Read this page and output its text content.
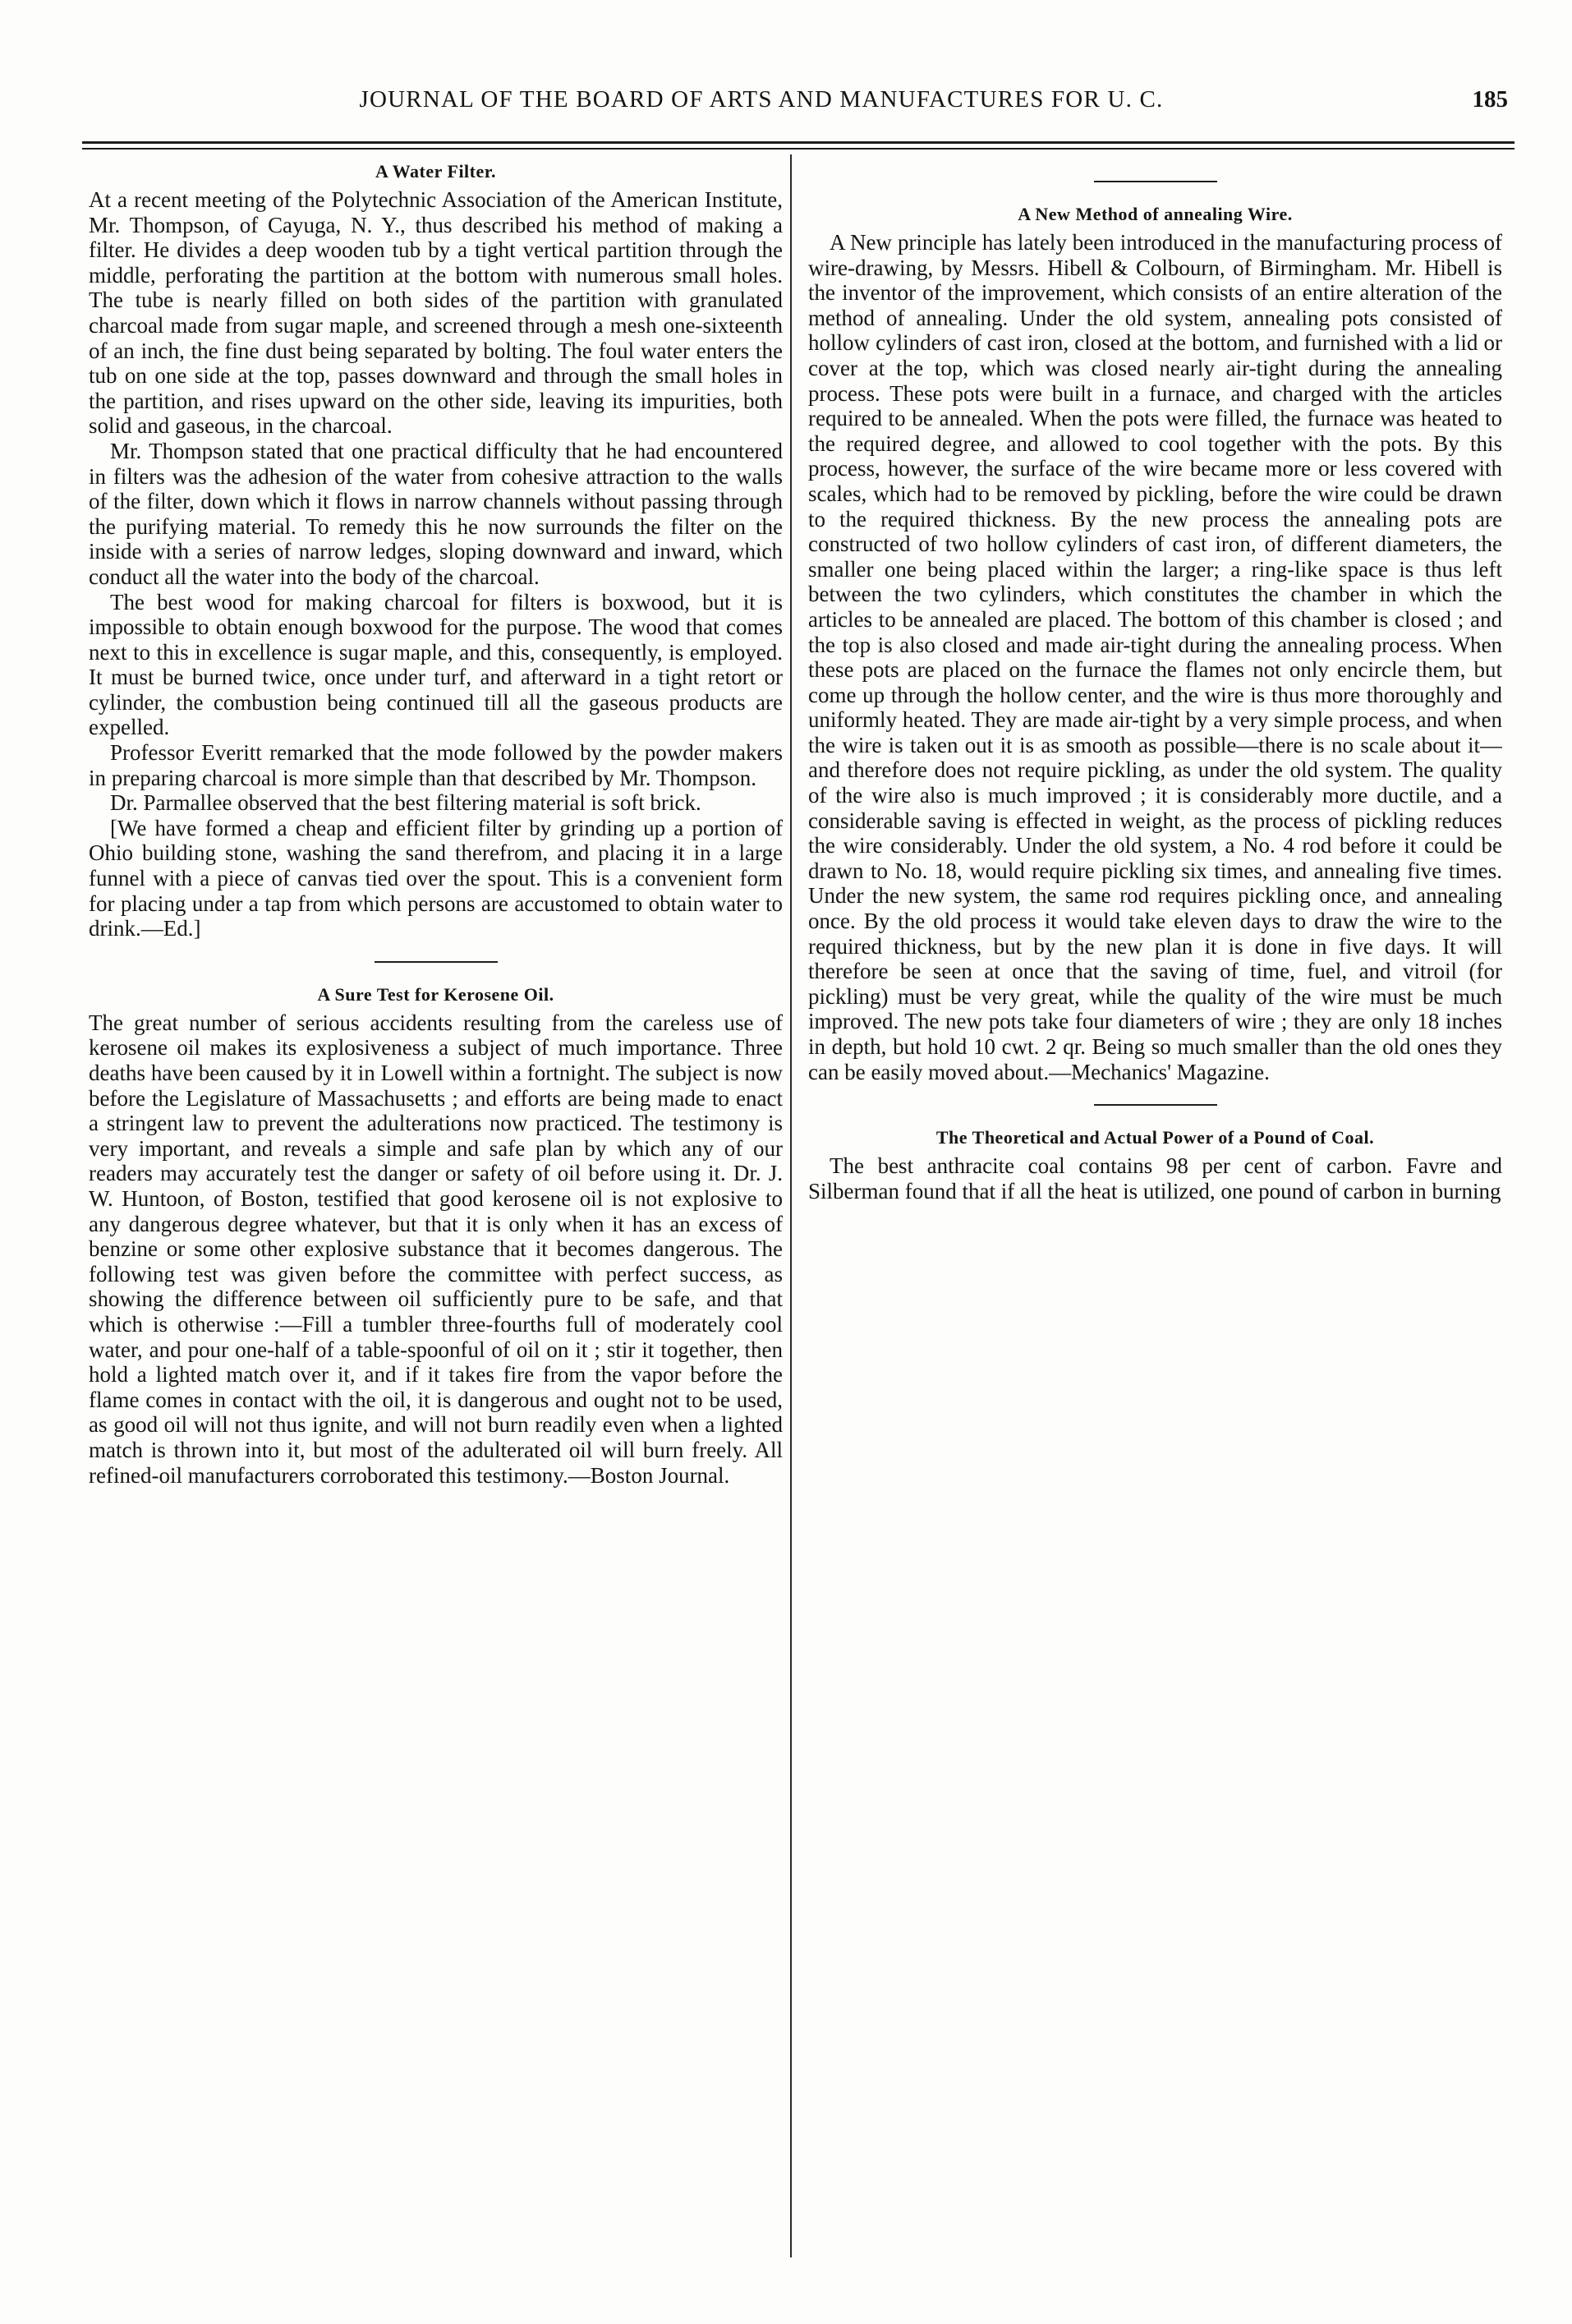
JOURNAL OF THE BOARD OF ARTS AND MANUFACTURES FOR U. C.	185
A Water Filter.

At a recent meeting of the Polytechnic Association of the American Institute, Mr. Thompson, of Cayuga, N. Y., thus described his method of making a filter. He divides a deep wooden tub by a tight vertical partition through the middle, perforating the partition at the bottom with numerous small holes. The tube is nearly filled on both sides of the partition with granulated charcoal made from sugar maple, and screened through a mesh one-sixteenth of an inch, the fine dust being separated by bolting. The foul water enters the tub on one side at the top, passes downward and through the small holes in the partition, and rises upward on the other side, leaving its impurities, both solid and gaseous, in the charcoal.

Mr. Thompson stated that one practical difficulty that he had encountered in filters was the adhesion of the water from cohesive attraction to the walls of the filter, down which it flows in narrow channels without passing through the purifying material. To remedy this he now surrounds the filter on the inside with a series of narrow ledges, sloping downward and inward, which conduct all the water into the body of the charcoal.

The best wood for making charcoal for filters is boxwood, but it is impossible to obtain enough boxwood for the purpose. The wood that comes next to this in excellence is sugar maple, and this, consequently, is employed. It must be burned twice, once under turf, and afterward in a tight retort or cylinder, the combustion being continued till all the gaseous products are expelled.

Professor Everitt remarked that the mode followed by the powder makers in preparing charcoal is more simple than that described by Mr. Thompson.

Dr. Parmallee observed that the best filtering material is soft brick.

[We have formed a cheap and efficient filter by grinding up a portion of Ohio building stone, washing the sand therefrom, and placing it in a large funnel with a piece of canvas tied over the spout. This is a convenient form for placing under a tap from which persons are accustomed to obtain water to drink.—Ed.]

A Sure Test for Kerosene Oil.

The great number of serious accidents resulting from the careless use of kerosene oil makes its explosiveness a subject of much importance. Three deaths have been caused by it in Lowell within a fortnight. The subject is now before the Legislature of Massachusetts ; and efforts are being made to enact a stringent law to prevent the adulterations now practiced. The testimony is very important, and reveals a simple and safe plan by which any of our readers may accurately test the danger or safety of oil before using it. Dr. J. W. Huntoon, of Boston, testified that good kerosene oil is not explosive to any dangerous degree whatever, but that it is only when it has an excess of benzine or some other explosive substance that it becomes dangerous. The following test was given before the committee with perfect success, as showing the difference between oil sufficiently pure to be safe, and that which is otherwise :—Fill a tumbler three-fourths full of moderately cool water, and pour one-half of a table-spoonful of oil on it ; stir it together, then hold a lighted match over it, and if it takes fire from the vapor before the flame comes in contact with the oil, it is dangerous and ought not to be used, as good oil will not thus ignite, and will not burn readily even when a lighted match is thrown into it, but most of the adulterated oil will burn freely. All refined-oil manufacturers corroborated this testimony.—Boston Journal.

A New Method of annealing Wire.

A New principle has lately been introduced in the manufacturing process of wire-drawing, by Messrs. Hibell & Colbourn, of Birmingham. Mr. Hibell is the inventor of the improvement, which consists of an entire alteration of the method of annealing. Under the old system, annealing pots consisted of hollow cylinders of cast iron, closed at the bottom, and furnished with a lid or cover at the top, which was closed nearly air-tight during the annealing process. These pots were built in a furnace, and charged with the articles required to be annealed. When the pots were filled, the furnace was heated to the required degree, and allowed to cool together with the pots. By this process, however, the surface of the wire became more or less covered with scales, which had to be removed by pickling, before the wire could be drawn to the required thickness. By the new process the annealing pots are constructed of two hollow cylinders of cast iron, of different diameters, the smaller one being placed within the larger; a ring-like space is thus left between the two cylinders, which constitutes the chamber in which the articles to be annealed are placed. The bottom of this chamber is closed ; and the top is also closed and made air-tight during the annealing process. When these pots are placed on the furnace the flames not only encircle them, but come up through the hollow center, and the wire is thus more thoroughly and uniformly heated. They are made air-tight by a very simple process, and when the wire is taken out it is as smooth as possible—there is no scale about it—and therefore does not require pickling, as under the old system. The quality of the wire also is much improved ; it is considerably more ductile, and a considerable saving is effected in weight, as the process of pickling reduces the wire considerably. Under the old system, a No. 4 rod before it could be drawn to No. 18, would require pickling six times, and annealing five times. Under the new system, the same rod requires pickling once, and annealing once. By the old process it would take eleven days to draw the wire to the required thickness, but by the new plan it is done in five days. It will therefore be seen at once that the saving of time, fuel, and vitroil (for pickling) must be very great, while the quality of the wire must be much improved. The new pots take four diameters of wire ; they are only 18 inches in depth, but hold 10 cwt. 2 qr. Being so much smaller than the old ones they can be easily moved about.—Mechanics' Magazine.

The Theoretical and Actual Power of a Pound of Coal.

The best anthracite coal contains 98 per cent of carbon. Favre and Silberman found that if all the heat is utilized, one pound of carbon in burning
